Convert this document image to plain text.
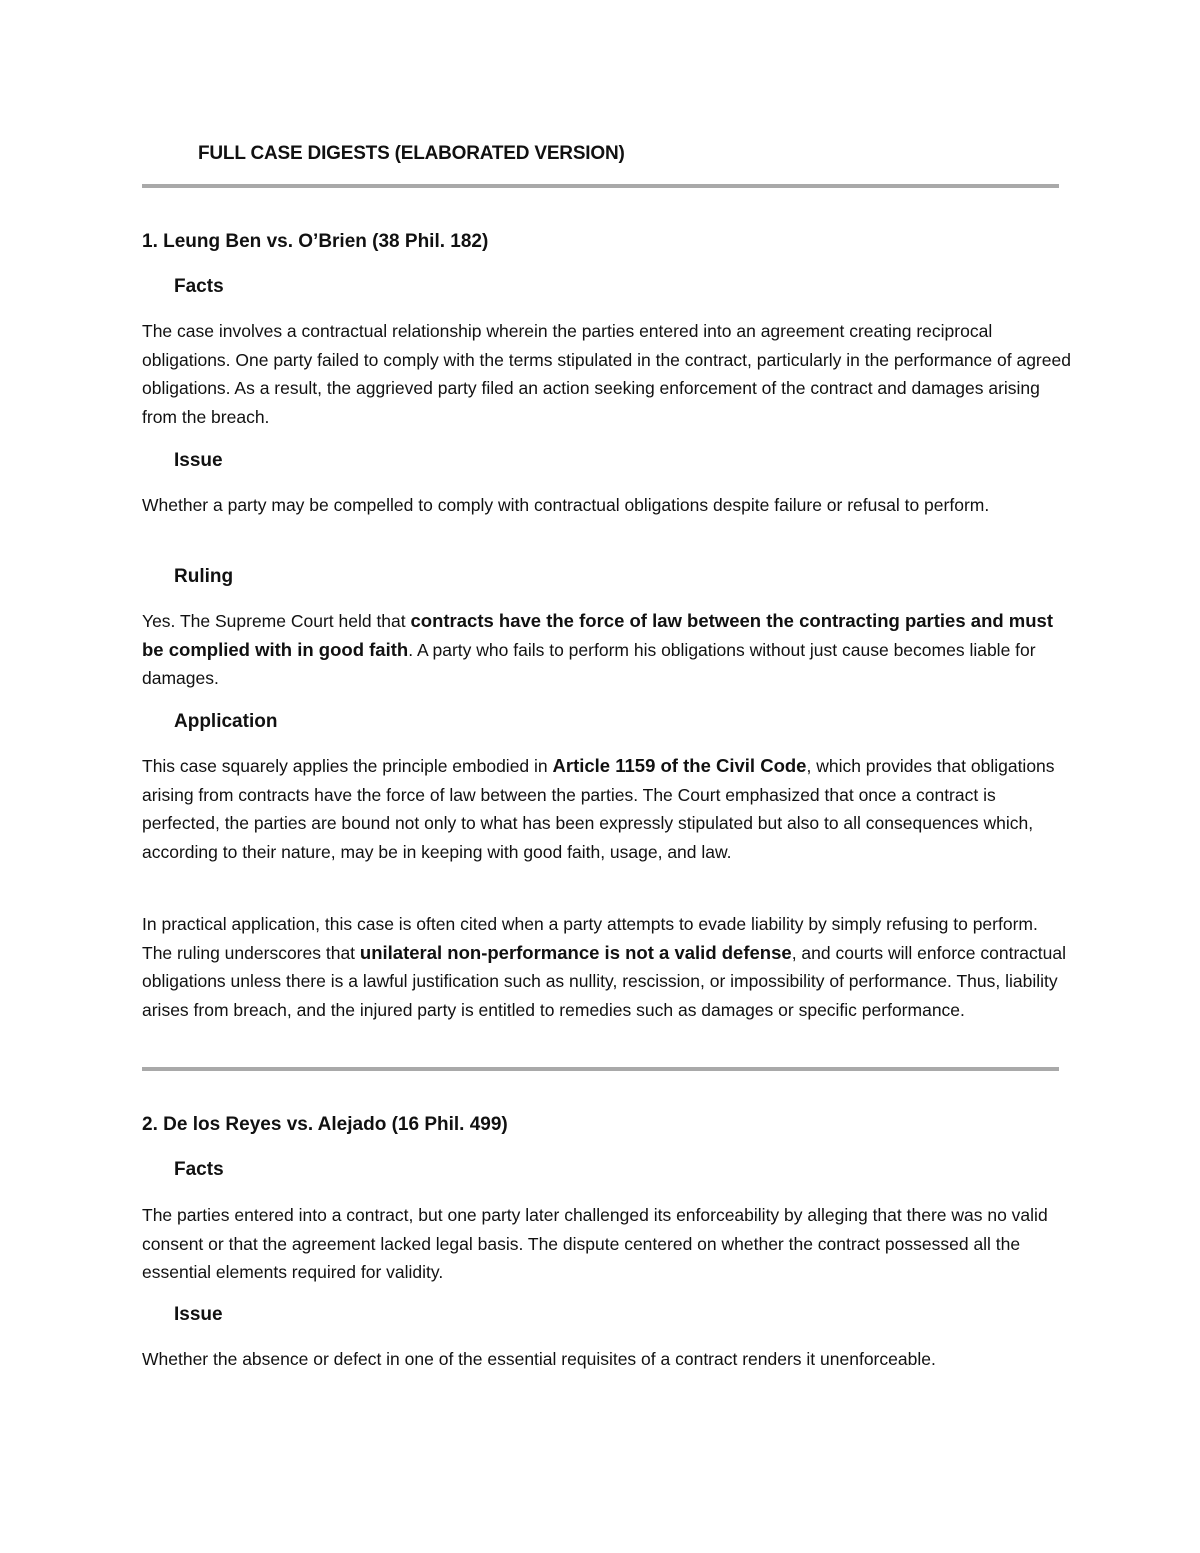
FULL CASE DIGESTS (ELABORATED VERSION)
1. Leung Ben vs. O’Brien (38 Phil. 182)
Facts
The case involves a contractual relationship wherein the parties entered into an agreement creating reciprocal obligations. One party failed to comply with the terms stipulated in the contract, particularly in the performance of agreed obligations. As a result, the aggrieved party filed an action seeking enforcement of the contract and damages arising from the breach.
Issue
Whether a party may be compelled to comply with contractual obligations despite failure or refusal to perform.
Ruling
Yes. The Supreme Court held that contracts have the force of law between the contracting parties and must be complied with in good faith. A party who fails to perform his obligations without just cause becomes liable for damages.
Application
This case squarely applies the principle embodied in Article 1159 of the Civil Code, which provides that obligations arising from contracts have the force of law between the parties. The Court emphasized that once a contract is perfected, the parties are bound not only to what has been expressly stipulated but also to all consequences which, according to their nature, may be in keeping with good faith, usage, and law.
In practical application, this case is often cited when a party attempts to evade liability by simply refusing to perform. The ruling underscores that unilateral non-performance is not a valid defense, and courts will enforce contractual obligations unless there is a lawful justification such as nullity, rescission, or impossibility of performance. Thus, liability arises from breach, and the injured party is entitled to remedies such as damages or specific performance.
2. De los Reyes vs. Alejado (16 Phil. 499)
Facts
The parties entered into a contract, but one party later challenged its enforceability by alleging that there was no valid consent or that the agreement lacked legal basis. The dispute centered on whether the contract possessed all the essential elements required for validity.
Issue
Whether the absence or defect in one of the essential requisites of a contract renders it unenforceable.
